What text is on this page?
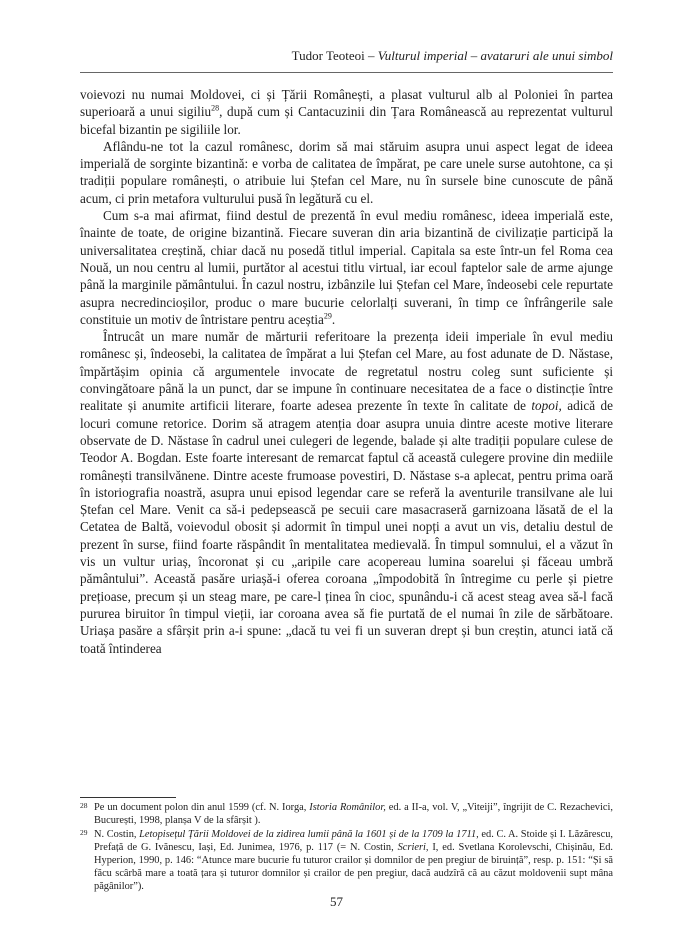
Tudor Teoteoi – Vulturul imperial – avataruri ale unui simbol

voievozi nu numai Moldovei, ci și Țării Românești, a plasat vulturul alb al Poloniei în partea superioară a unui sigiliu$^{28}$, după cum și Cantacuzinii din Țara Românească au reprezentat vulturul bicefal bizantin pe sigiliile lor.

Aflându-ne tot la cazul românesc, dorim să mai stăruim asupra unui aspect legat de ideea imperială de sorginte bizantină: e vorba de calitatea de împărat, pe care unele surse autohtone, ca și tradiții populare românești, o atribuie lui Ștefan cel Mare, nu în sursele bine cunoscute de până acum, ci prin metafora vulturului pusă în legătură cu el.

Cum s-a mai afirmat, fiind destul de prezentă în evul mediu românesc, ideea imperială este, înainte de toate, de origine bizantină. Fiecare suveran din aria bizantină de civilizație participă la universalitatea creștină, chiar dacă nu posedă titlul imperial. Capitala sa este într-un fel Roma cea Nouă, un nou centru al lumii, purtător al acestui titlu virtual, iar ecoul faptelor sale de arme ajunge până la marginile pământului. În cazul nostru, izbânzile lui Ștefan cel Mare, îndeosebi cele repurtate asupra necredincioșilor, produc o mare bucurie celorlalți suverani, în timp ce înfrângerile sale constituie un motiv de întristare pentru aceștia$^{29}$.

Întrucât un mare număr de mărturii referitoare la prezența ideii imperiale în evul mediu românesc și, îndeosebi, la calitatea de împărat a lui Ștefan cel Mare, au fost adunate de D. Năstase, împărtășim opinia că argumentele invocate de regretatul nostru coleg sunt suficiente și convingătoare până la un punct, dar se impune în continuare necesitatea de a face o distincție între realitate și anumite artificii literare, foarte adesea prezente în texte în calitate de topoi, adică de locuri comune retorice. Dorim să atragem atenția doar asupra unuia dintre aceste motive literare observate de D. Năstase în cadrul unei culegeri de legende, balade și alte tradiții populare culese de Teodor A. Bogdan. Este foarte interesant de remarcat faptul că această culegere provine din mediile românești transilvănene. Dintre aceste frumoase povestiri, D. Năstase s-a aplecat, pentru prima oară în istoriografia noastră, asupra unui episod legendar care se referă la aventurile transilvane ale lui Ștefan cel Mare. Venit ca să-i pedepsească pe secuii care masacraseră garnizoana lăsată de el la Cetatea de Baltă, voievodul obosit și adormit în timpul unei nopți a avut un vis, detaliu destul de prezent în surse, fiind foarte răspândit în mentalitatea medievală. În timpul somnului, el a văzut în vis un vultur uriaș, încoronat și cu „aripile care acopereau lumina soarelui și făceau umbră pământului”. Această pasăre uriașă-i oferea coroana „împodobită în întregime cu perle și pietre prețioase, precum și un steag mare, pe care-l ținea în cioc, spunându-i că acest steag avea să-l facă pururea biruitor în timpul vieții, iar coroana avea să fie purtată de el numai în zile de sărbătoare. Uriașa pasăre a sfârșit prin a-i spune: „dacă tu vei fi un suveran drept și bun creștin, atunci iată că toată întinderea

28 Pe un document polon din anul 1599 (cf. N. Iorga, Istoria Românilor, ed. a II-a, vol. V, „Viteiji”, îngrijit de C. Rezachevici, București, 1998, planșa V de la sfârșit ).

29 N. Costin, Letopisețul Țării Moldovei de la zidirea lumii până la 1601 și de la 1709 la 1711, ed. C. A. Stoide și I. Lăzărescu, Prefață de G. Ivănescu, Iași, Ed. Junimea, 1976, p. 117 (= N. Costin, Scrieri, I, ed. Svetlana Korolevschi, Chișinău, Ed. Hyperion, 1990, p. 146: “Atunce mare bucurie fu tuturor crailor și domnilor de pen pregiur de biruință”, resp. p. 151: “Și să făcu scârbă mare a toată țara și tuturor domnilor și crailor de pen pregiur, dacă audzîră că au căzut moldovenii supt mâna păgânilor”).

57
